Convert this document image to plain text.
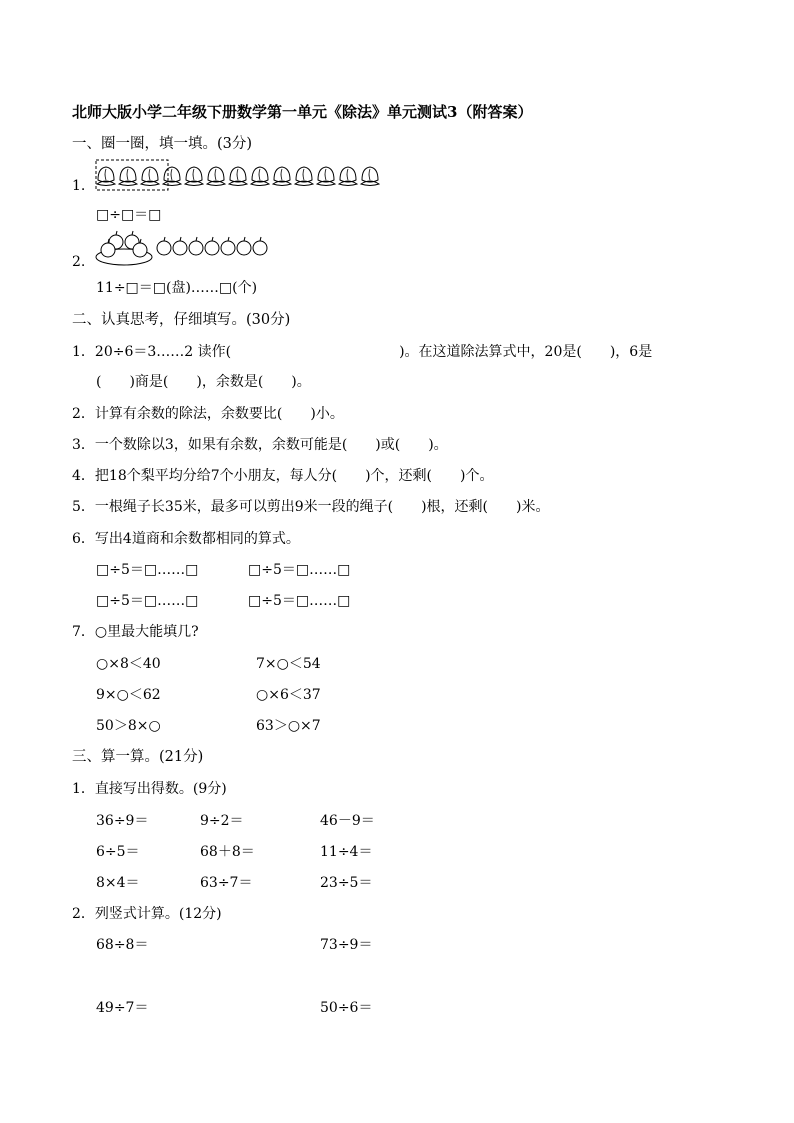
北师大版小学二年级下册数学第一单元《除法》单元测试3（附答案）
一、圈一圈，填一填。(3分)
1.
□÷□＝□
2.
11÷□＝□(盘)……□(个)
二、认真思考，仔细填写。(30分)
1．20÷6＝3……2 读作(　　　　　　　　　　　　)。在这道除法算式中，20是(　　)，6是
(　　)商是(　　)，余数是(　　)。
2．计算有余数的除法，余数要比(　　)小。
3．一个数除以3，如果有余数，余数可能是(　　)或(　　)。
4．把18个梨平均分给7个小朋友，每人分(　　)个，还剩(　　)个。
5．一根绳子长35米，最多可以剪出9米一段的绳子(　　)根，还剩(　　)米。
6．写出4道商和余数都相同的算式。
□÷5＝□……□	□÷5＝□……□
□÷5＝□……□	□÷5＝□……□
7．○里最大能填几?
○×8＜40	7×○＜54
9×○＜62	○×6＜37
50＞8×○	63＞○×7
三、算一算。(21分)
1．直接写出得数。(9分)
36÷9＝	9÷2＝	46－9＝
6÷5＝	68＋8＝	11÷4＝
8×4＝	63÷7＝	23÷5＝
2．列竖式计算。(12分)
68÷8＝	73÷9＝
49÷7＝	50÷6＝
